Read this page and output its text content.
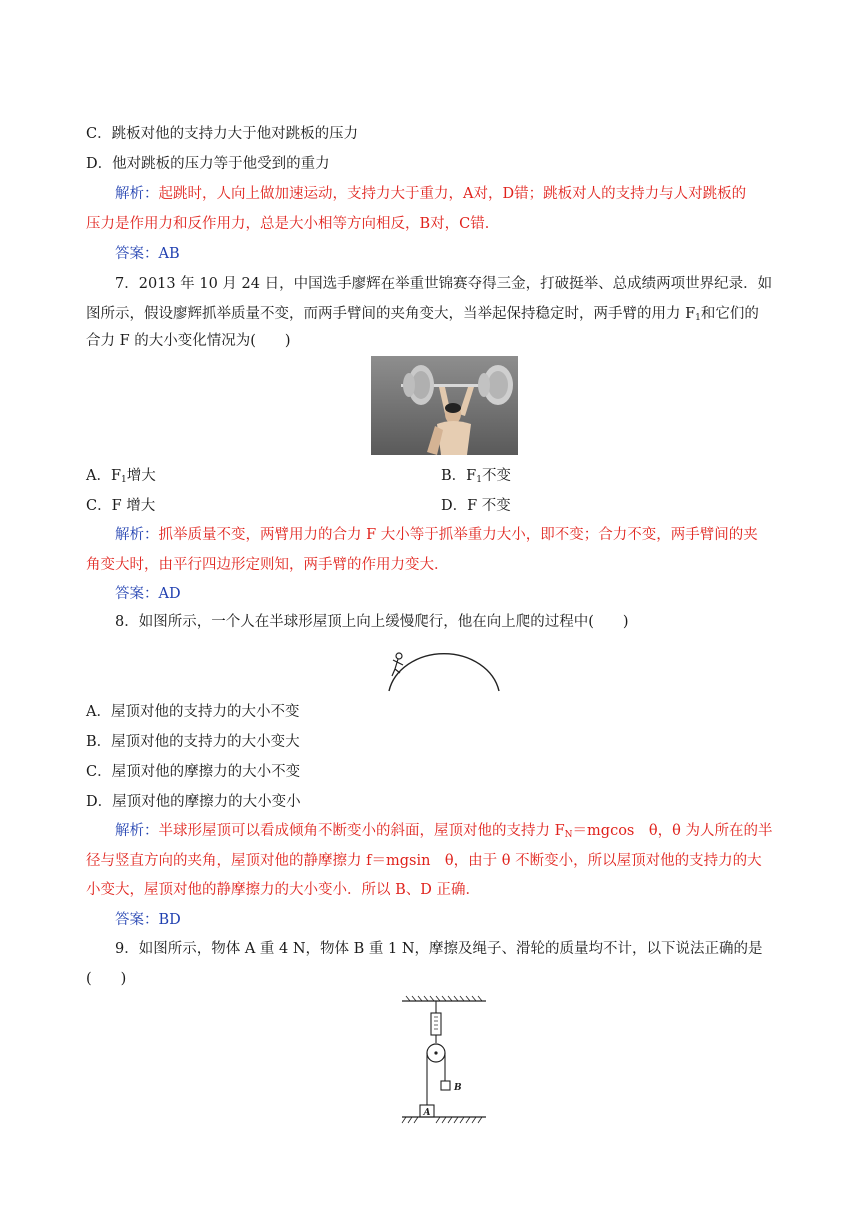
C．跳板对他的支持力大于他对跳板的压力
D．他对跳板的压力等于他受到的重力
解析：起跳时，人向上做加速运动，支持力大于重力，A对，D错；跳板对人的支持力与人对跳板的
压力是作用力和反作用力，总是大小相等方向相反，B对，C错．
答案：AB
7．2013 年 10 月 24 日，中国选手廖辉在举重世锦赛夺得三金，打破挺举、总成绩两项世界纪录．如
图所示，假设廖辉抓举质量不变，而两手臂间的夹角变大，当举起保持稳定时，两手臂的用力 $F_1$和它们的
合力 F 的大小变化情况为(　　)
A．$F_1$增大	B．$F_1$不变
C．F 增大	D．F 不变
解析：抓举质量不变，两臂用力的合力 F 大小等于抓举重力大小，即不变；合力不变，两手臂间的夹
角变大时，由平行四边形定则知，两手臂的作用力变大．
答案：AD
8．如图所示，一个人在半球形屋顶上向上缓慢爬行，他在向上爬的过程中(　　)
A．屋顶对他的支持力的大小不变
B．屋顶对他的支持力的大小变大
C．屋顶对他的摩擦力的大小不变
D．屋顶对他的摩擦力的大小变小
解析：半球形屋顶可以看成倾角不断变小的斜面，屋顶对他的支持力 $F_N=mgcos$　θ，θ 为人所在的半
径与竖直方向的夹角，屋顶对他的静摩擦力 f＝mgsin　θ，由于 θ 不断变小，所以屋顶对他的支持力的大
小变大，屋顶对他的静摩擦力的大小变小．所以 B、D 正确．
答案：BD
9．如图所示，物体 A 重 4 N，物体 B 重 1 N，摩擦及绳子、滑轮的质量均不计，以下说法正确的是
(　　)
B
A
